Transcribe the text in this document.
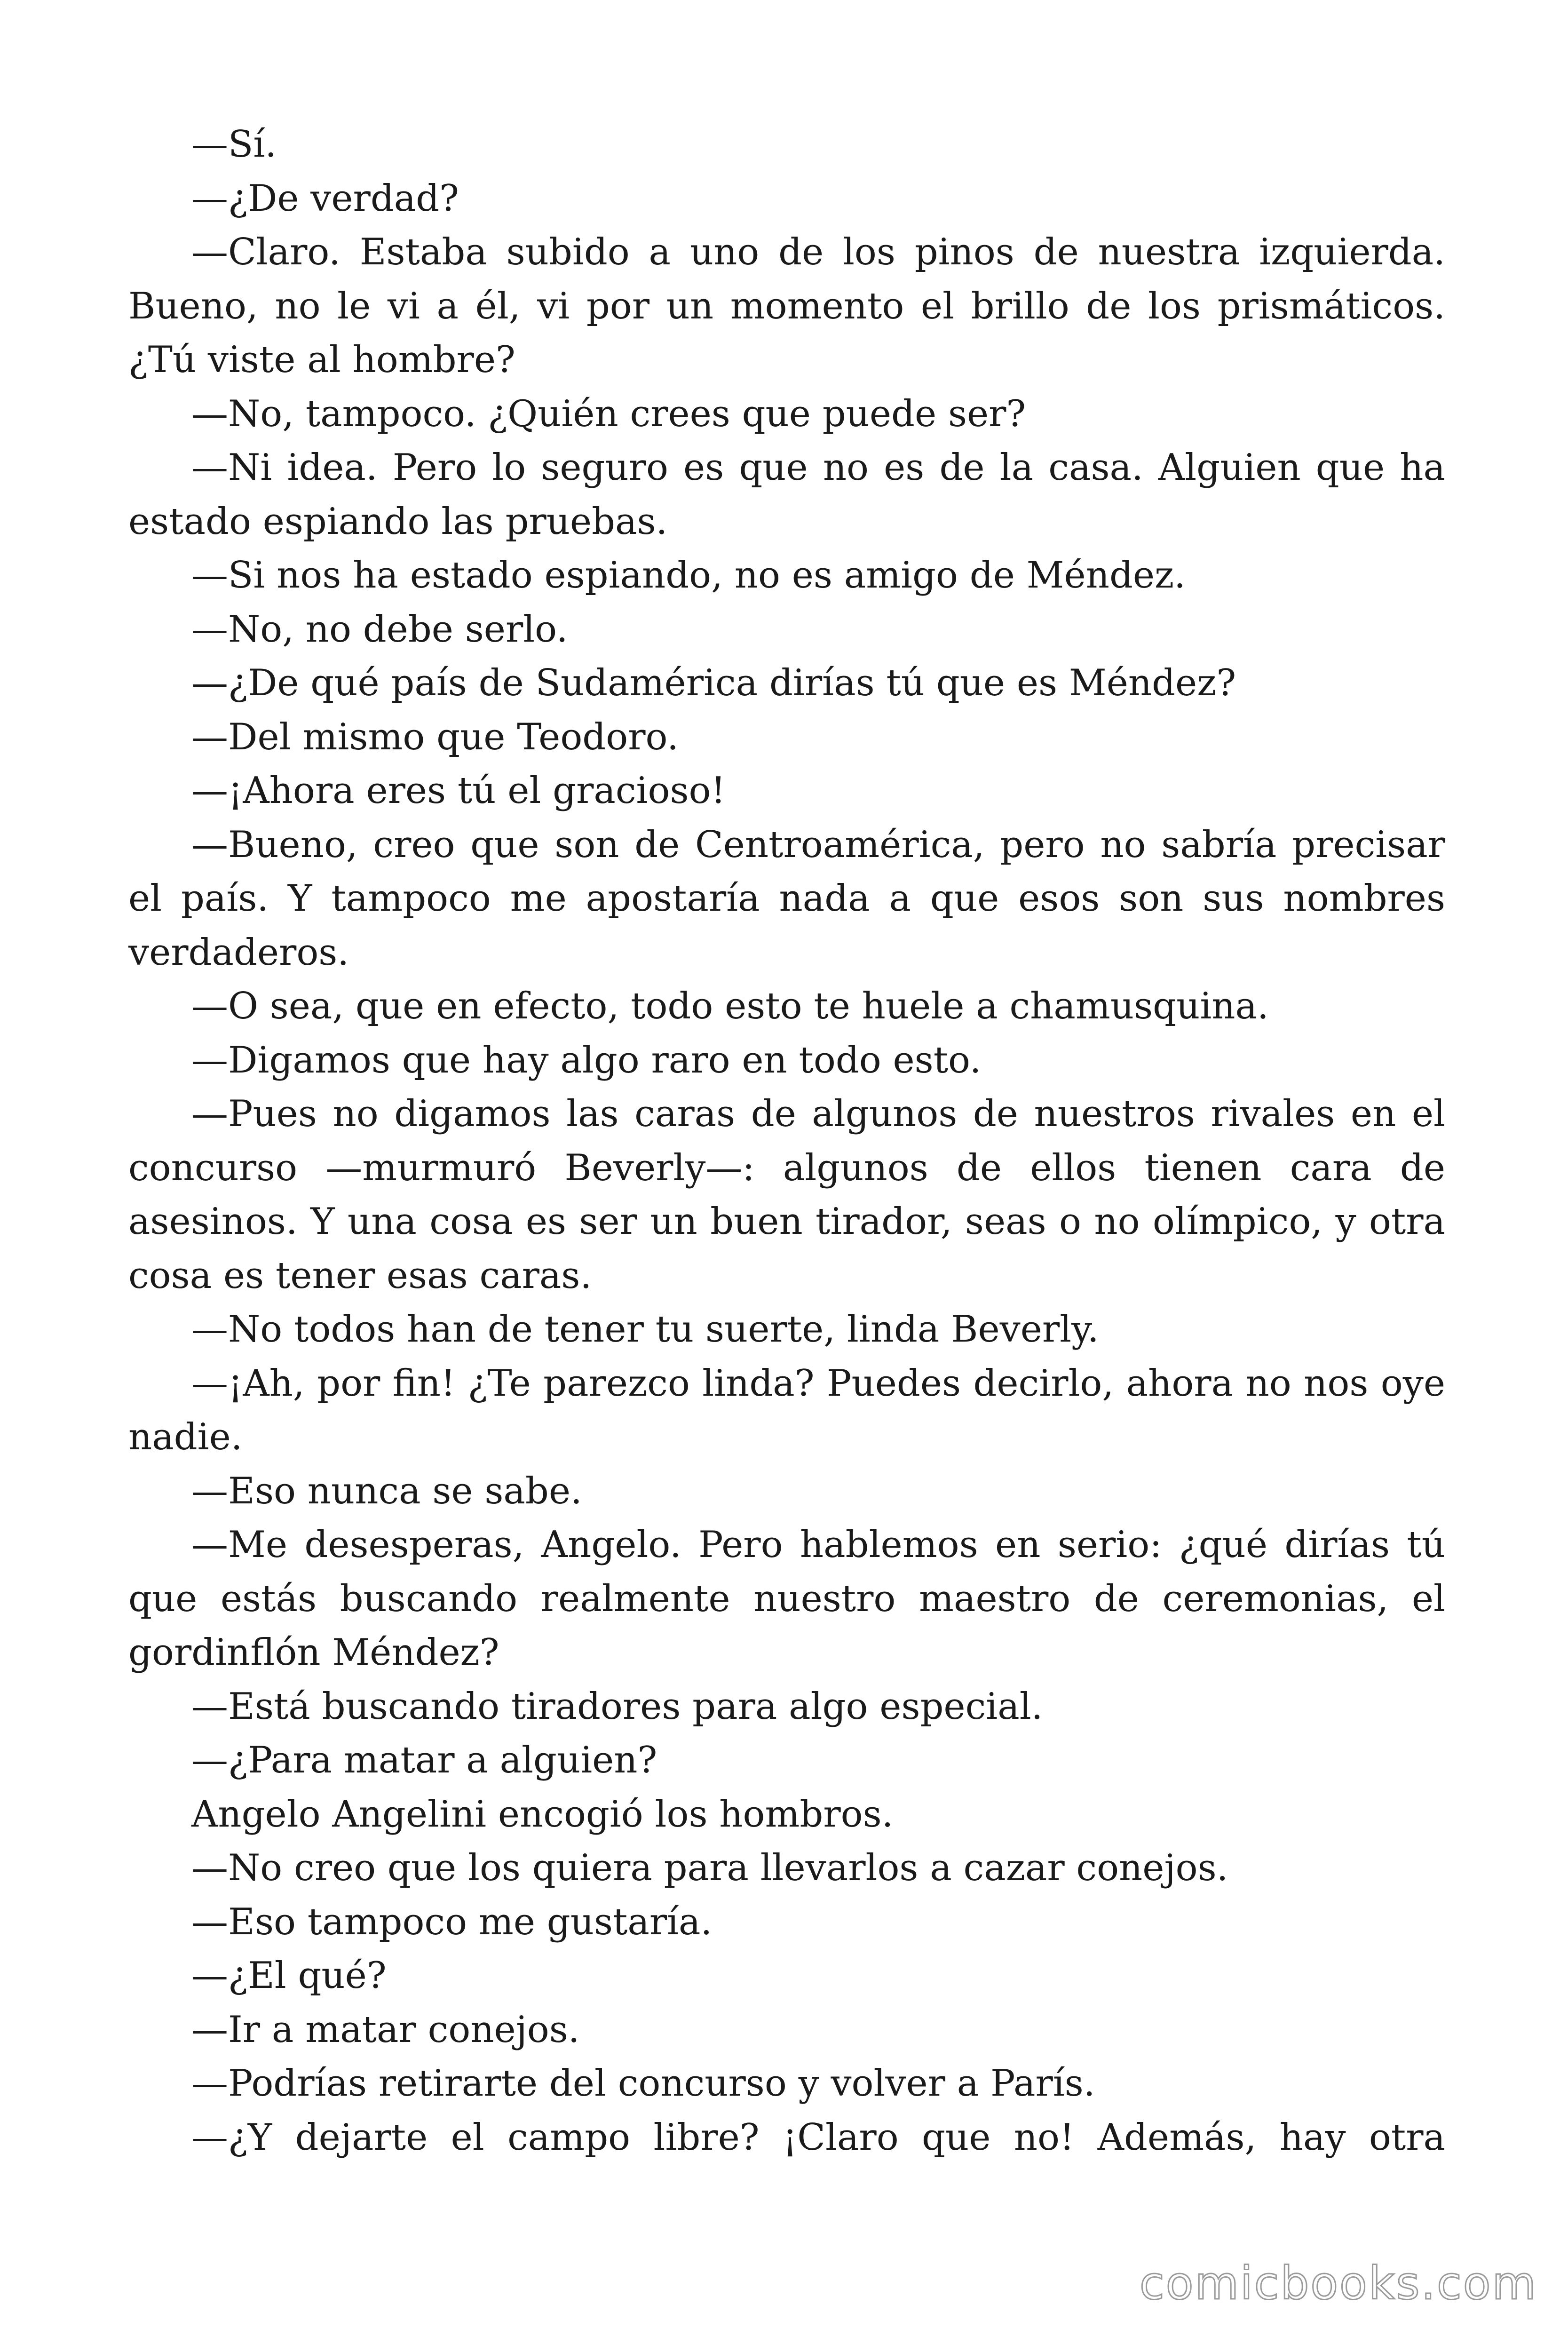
—Sí.

—¿De verdad?

—Claro. Estaba subido a uno de los pinos de nuestra izquierda. Bueno, no le vi a él, vi por un momento el brillo de los prismáticos. ¿Tú viste al hombre?

—No, tampoco. ¿Quién crees que puede ser?

—Ni idea. Pero lo seguro es que no es de la casa. Alguien que ha estado espiando las pruebas.

—Si nos ha estado espiando, no es amigo de Méndez.

—No, no debe serlo.

—¿De qué país de Sudamérica dirías tú que es Méndez?

—Del mismo que Teodoro.

—¡Ahora eres tú el gracioso!

—Bueno, creo que son de Centroamérica, pero no sabría precisar el país. Y tampoco me apostaría nada a que esos son sus nombres verdaderos.

—O sea, que en efecto, todo esto te huele a chamusquina.

—Digamos que hay algo raro en todo esto.

—Pues no digamos las caras de algunos de nuestros rivales en el concurso —murmuró Beverly—: algunos de ellos tienen cara de asesinos. Y una cosa es ser un buen tirador, seas o no olímpico, y otra cosa es tener esas caras.

—No todos han de tener tu suerte, linda Beverly.

—¡Ah, por fin! ¿Te parezco linda? Puedes decirlo, ahora no nos oye nadie.

—Eso nunca se sabe.

—Me desesperas, Angelo. Pero hablemos en serio: ¿qué dirías tú que estás buscando realmente nuestro maestro de ceremonias, el gordinflón Méndez?

—Está buscando tiradores para algo especial.

—¿Para matar a alguien?

Angelo Angelini encogió los hombros.

—No creo que los quiera para llevarlos a cazar conejos.

—Eso tampoco me gustaría.

—¿El qué?

—Ir a matar conejos.

—Podrías retirarte del concurso y volver a París.

—¿Y dejarte el campo libre? ¡Claro que no! Además, hay otra

comicbooks.com
